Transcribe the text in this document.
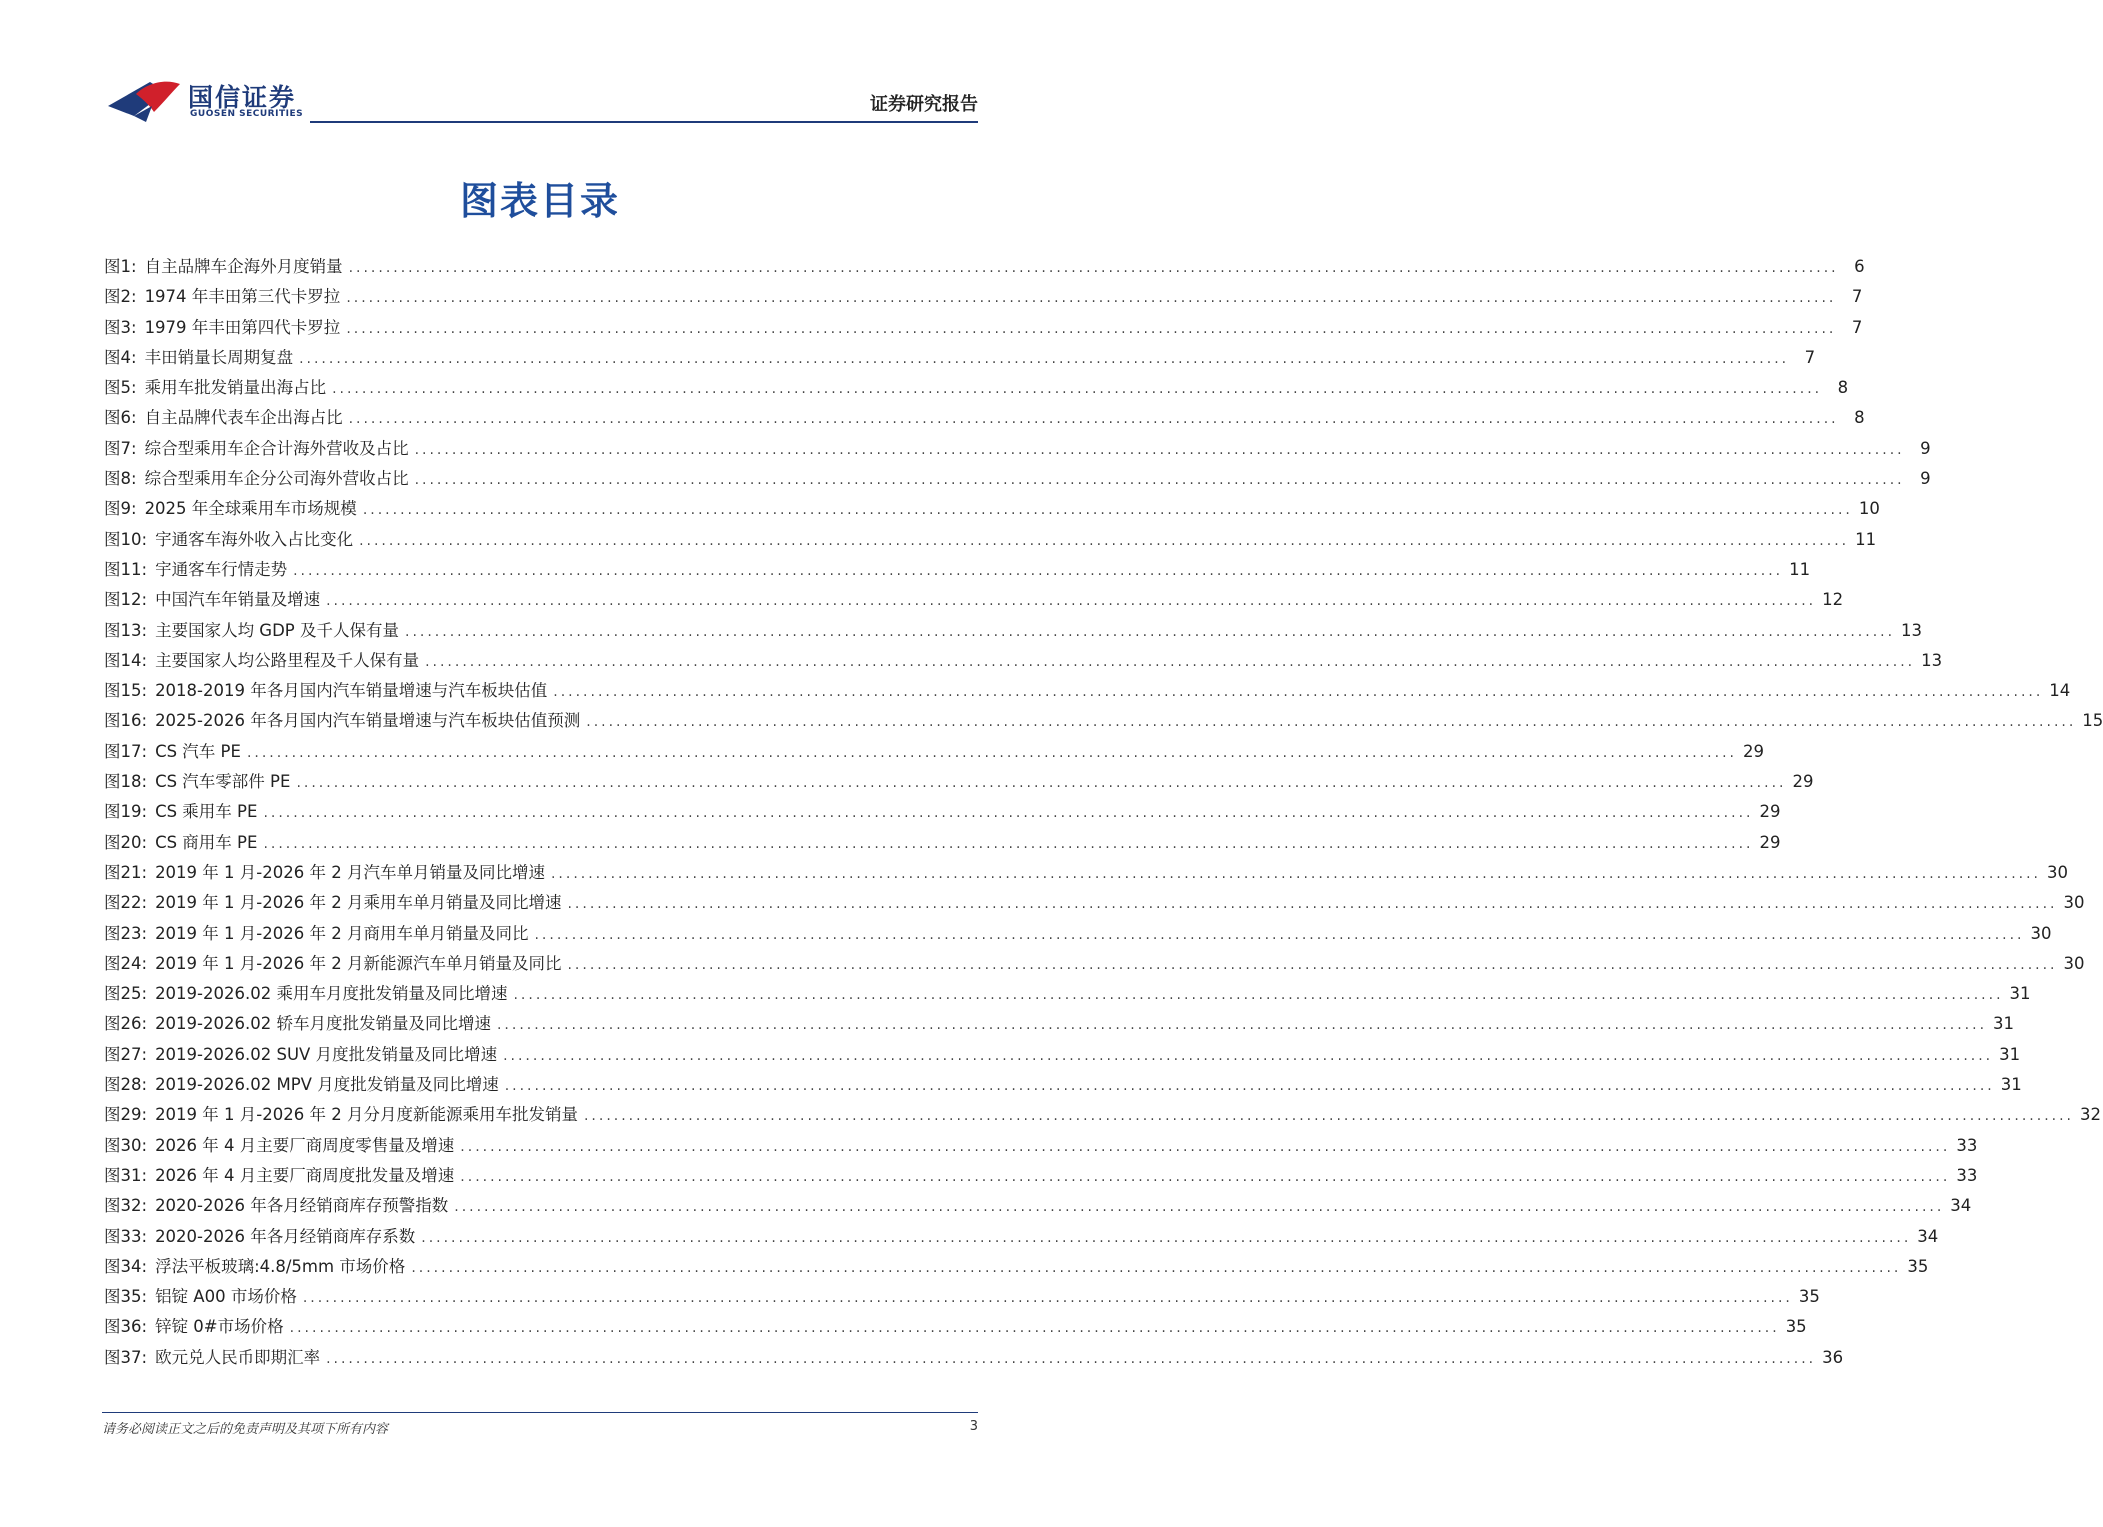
国信证券
GUOSEN SECURITIES	证券研究报告
图表目录
图1: 自主品牌车企海外月度销量 ........................................................................................................................................................................................................ 6
图2: 1974 年丰田第三代卡罗拉 ........................................................................................................................................................................................................ 7
图3: 1979 年丰田第四代卡罗拉 ........................................................................................................................................................................................................ 7
图4: 丰田销量长周期复盘 ........................................................................................................................................................................................................ 7
图5: 乘用车批发销量出海占比 ........................................................................................................................................................................................................ 8
图6: 自主品牌代表车企出海占比 ........................................................................................................................................................................................................ 8
图7: 综合型乘用车企合计海外营收及占比 ........................................................................................................................................................................................................ 9
图8: 综合型乘用车企分公司海外营收占比 ........................................................................................................................................................................................................ 9
图9: 2025 年全球乘用车市场规模 ........................................................................................................................................................................................................ 10
图10: 宇通客车海外收入占比变化 ........................................................................................................................................................................................................ 11
图11: 宇通客车行情走势 ........................................................................................................................................................................................................ 11
图12: 中国汽车年销量及增速 ........................................................................................................................................................................................................ 12
图13: 主要国家人均 GDP 及千人保有量 ........................................................................................................................................................................................................ 13
图14: 主要国家人均公路里程及千人保有量 ........................................................................................................................................................................................................ 13
图15: 2018-2019 年各月国内汽车销量增速与汽车板块估值 ........................................................................................................................................................................................................ 14
图16: 2025-2026 年各月国内汽车销量增速与汽车板块估值预测 ........................................................................................................................................................................................................ 15
图17: CS 汽车 PE ........................................................................................................................................................................................................ 29
图18: CS 汽车零部件 PE ........................................................................................................................................................................................................ 29
图19: CS 乘用车 PE ........................................................................................................................................................................................................ 29
图20: CS 商用车 PE ........................................................................................................................................................................................................ 29
图21: 2019 年 1 月-2026 年 2 月汽车单月销量及同比增速 ........................................................................................................................................................................................................ 30
图22: 2019 年 1 月-2026 年 2 月乘用车单月销量及同比增速 ........................................................................................................................................................................................................ 30
图23: 2019 年 1 月-2026 年 2 月商用车单月销量及同比 ........................................................................................................................................................................................................ 30
图24: 2019 年 1 月-2026 年 2 月新能源汽车单月销量及同比 ........................................................................................................................................................................................................ 30
图25: 2019-2026.02 乘用车月度批发销量及同比增速 ........................................................................................................................................................................................................ 31
图26: 2019-2026.02 轿车月度批发销量及同比增速 ........................................................................................................................................................................................................ 31
图27: 2019-2026.02 SUV 月度批发销量及同比增速 ........................................................................................................................................................................................................ 31
图28: 2019-2026.02 MPV 月度批发销量及同比增速 ........................................................................................................................................................................................................ 31
图29: 2019 年 1 月-2026 年 2 月分月度新能源乘用车批发销量 ........................................................................................................................................................................................................ 32
图30: 2026 年 4 月主要厂商周度零售量及增速 ........................................................................................................................................................................................................ 33
图31: 2026 年 4 月主要厂商周度批发量及增速 ........................................................................................................................................................................................................ 33
图32: 2020-2026 年各月经销商库存预警指数 ........................................................................................................................................................................................................ 34
图33: 2020-2026 年各月经销商库存系数 ........................................................................................................................................................................................................ 34
图34: 浮法平板玻璃:4.8/5mm 市场价格 ........................................................................................................................................................................................................ 35
图35: 铝锭 A00 市场价格 ........................................................................................................................................................................................................ 35
图36: 锌锭 0#市场价格 ........................................................................................................................................................................................................ 35
图37: 欧元兑人民币即期汇率 ........................................................................................................................................................................................................ 36
请务必阅读正文之后的免责声明及其项下所有内容	3
